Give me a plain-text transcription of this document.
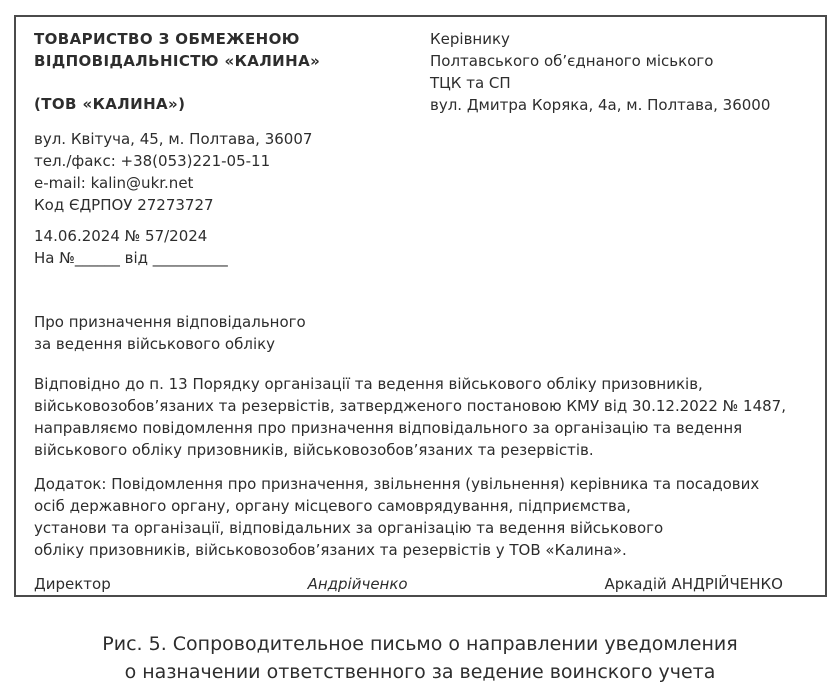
ТОВАРИСТВО З ОБМЕЖЕНОЮ
ВІДПОВІДАЛЬНІСТЮ «КАЛИНА»
(ТОВ «КАЛИНА»)
Керівнику
Полтавського об’єднаного міського
ТЦК та СП
вул. Дмитра Коряка, 4а, м. Полтава, 36000
вул. Квітуча, 45, м. Полтава, 36007
тел./факс: +38(053)221-05-11
e-mail: kalin@ukr.net
Код ЄДРПОУ 27273727
14.06.2024 № 57/2024
На №______ від __________
Про призначення відповідального
за ведення військового обліку
Відповідно до п. 13 Порядку організації та ведення військового обліку призовників,
військовозобов’язаних та резервістів, затвердженого постановою КМУ від 30.12.2022 № 1487,
направляємо повідомлення про призначення відповідального за організацію та ведення
військового обліку призовників, військовозобов’язаних та резервістів.
Додаток: Повідомлення про призначення, звільнення (увільнення) керівника та посадових
осіб державного органу, органу місцевого самоврядування, підприємства,
установи та організації, відповідальних за організацію та ведення військового
обліку призовників, військовозобов’язаних та резервістів у ТОВ «Калина».
Директор	Андрійченко	Аркадій АНДРІЙЧЕНКО
Рис. 5. Сопроводительное письмо о направлении уведомления
о назначении ответственного за ведение воинского учета
